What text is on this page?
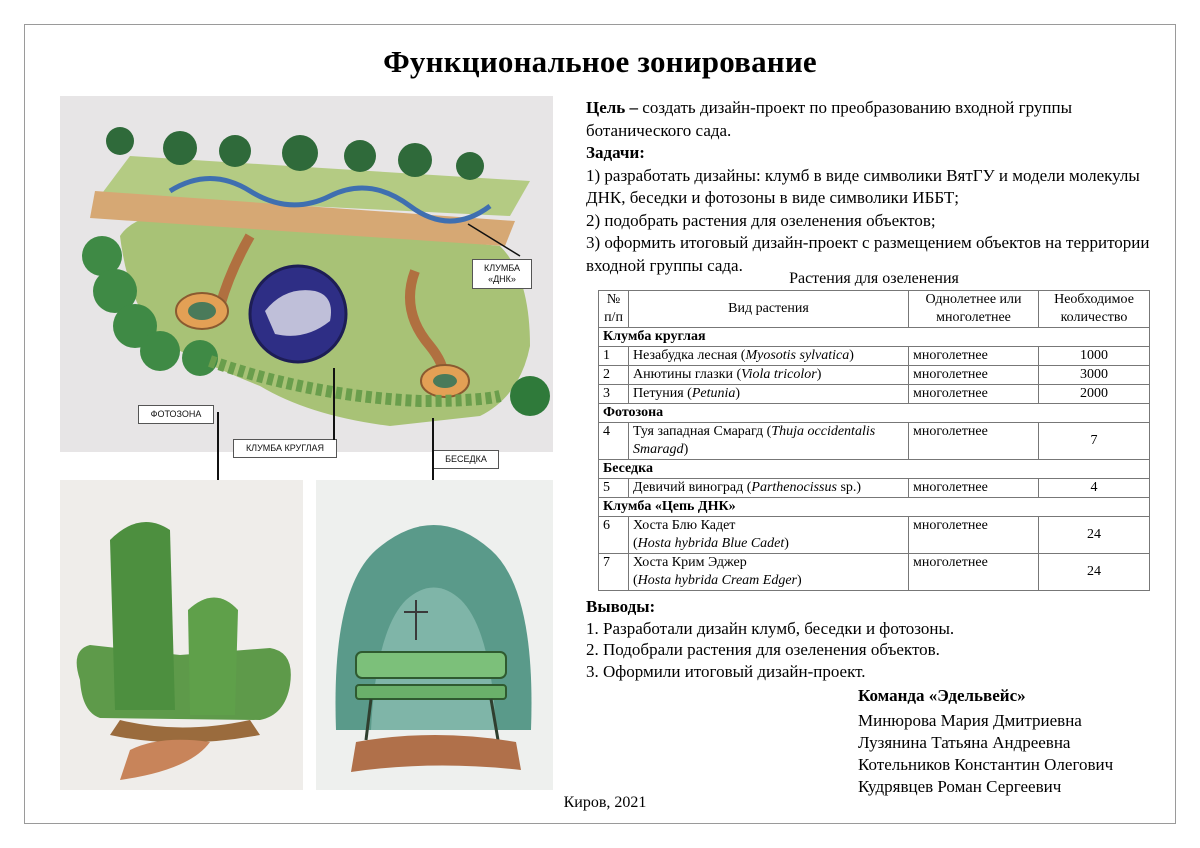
Функциональное зонирование
КЛУМБА «ДНК»
ФОТОЗОНА
КЛУМБА КРУГЛАЯ
БЕСЕДКА
Цель – создать дизайн-проект по преобразованию входной группы ботанического сада.
Задачи:
1) разработать дизайны: клумб в виде символики ВятГУ и модели молекулы ДНК, беседки и фотозоны в виде символики ИББТ;
2) подобрать растения для озеленения объектов;
3) оформить итоговый дизайн-проект с размещением объектов на территории входной группы сада.
Растения для озеленения
№ п/п	Вид растения	Однолетнее или многолетнее	Необходимое количество
Клумба круглая			
1	Незабудка лесная (Myosotis sylvatica)	многолетнее	1000
2	Анютины глазки (Viola tricolor)	многолетнее	3000
3	Петуния (Petunia)	многолетнее	2000
Фотозона			
4	Туя западная Смарагд (Thuja occidentalis Smaragd)	многолетнее	7
Беседка			
5	Девичий виноград (Parthenocissus sp.)	многолетнее	4
Клумба «Цепь ДНК»			
6	Хоста Блю Кадет
(Hosta hybrida Blue Cadet)	многолетнее	24
7	Хоста Крим Эджер
(Hosta hybrida Cream Edger)	многолетнее	24
Выводы:
1. Разработали дизайн клумб, беседки и фотозоны.
2. Подобрали растения для озеленения объектов.
3. Оформили итоговый дизайн-проект.
Команда «Эдельвейс»
Минюрова Мария Дмитриевна
Лузянина Татьяна Андреевна
Котельников Константин Олегович
Кудрявцев Роман Сергеевич
Киров, 2021
